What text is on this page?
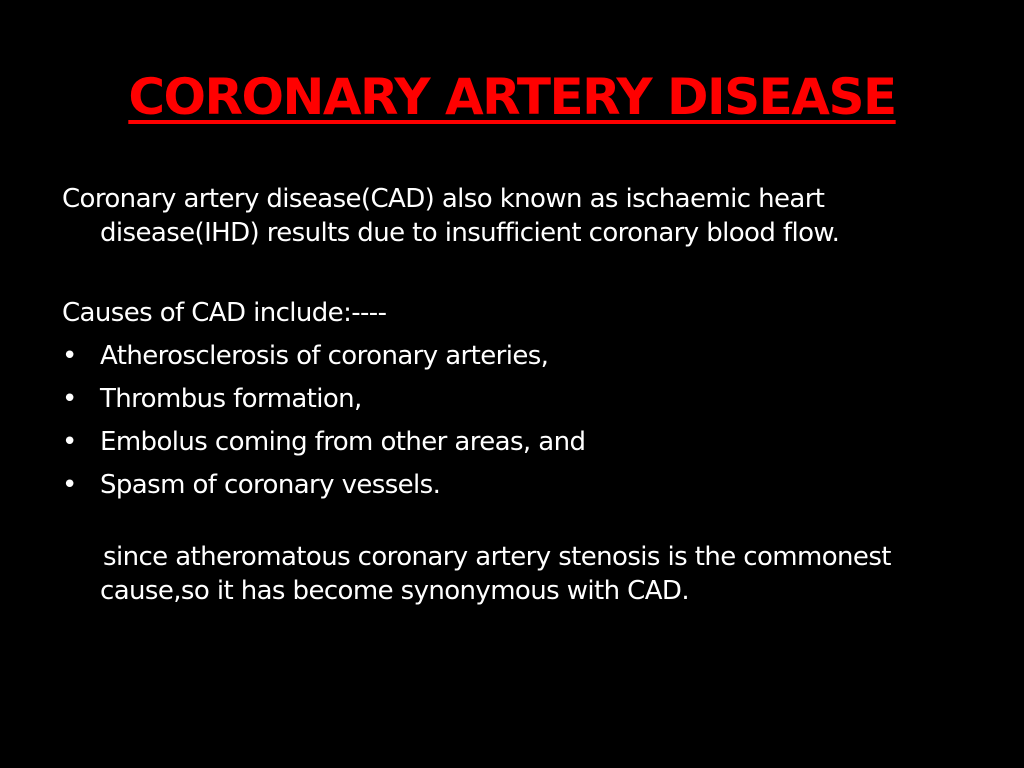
CORONARY ARTERY DISEASE

Coronary artery disease(CAD) also known as ischaemic heart disease(IHD) results due to insufficient coronary blood flow.

Causes of CAD include:----
• Atherosclerosis of coronary arteries,
• Thrombus formation,
• Embolus coming from other areas, and
• Spasm of coronary vessels.

since atheromatous coronary artery stenosis is the commonest cause,so it has become synonymous with CAD.
